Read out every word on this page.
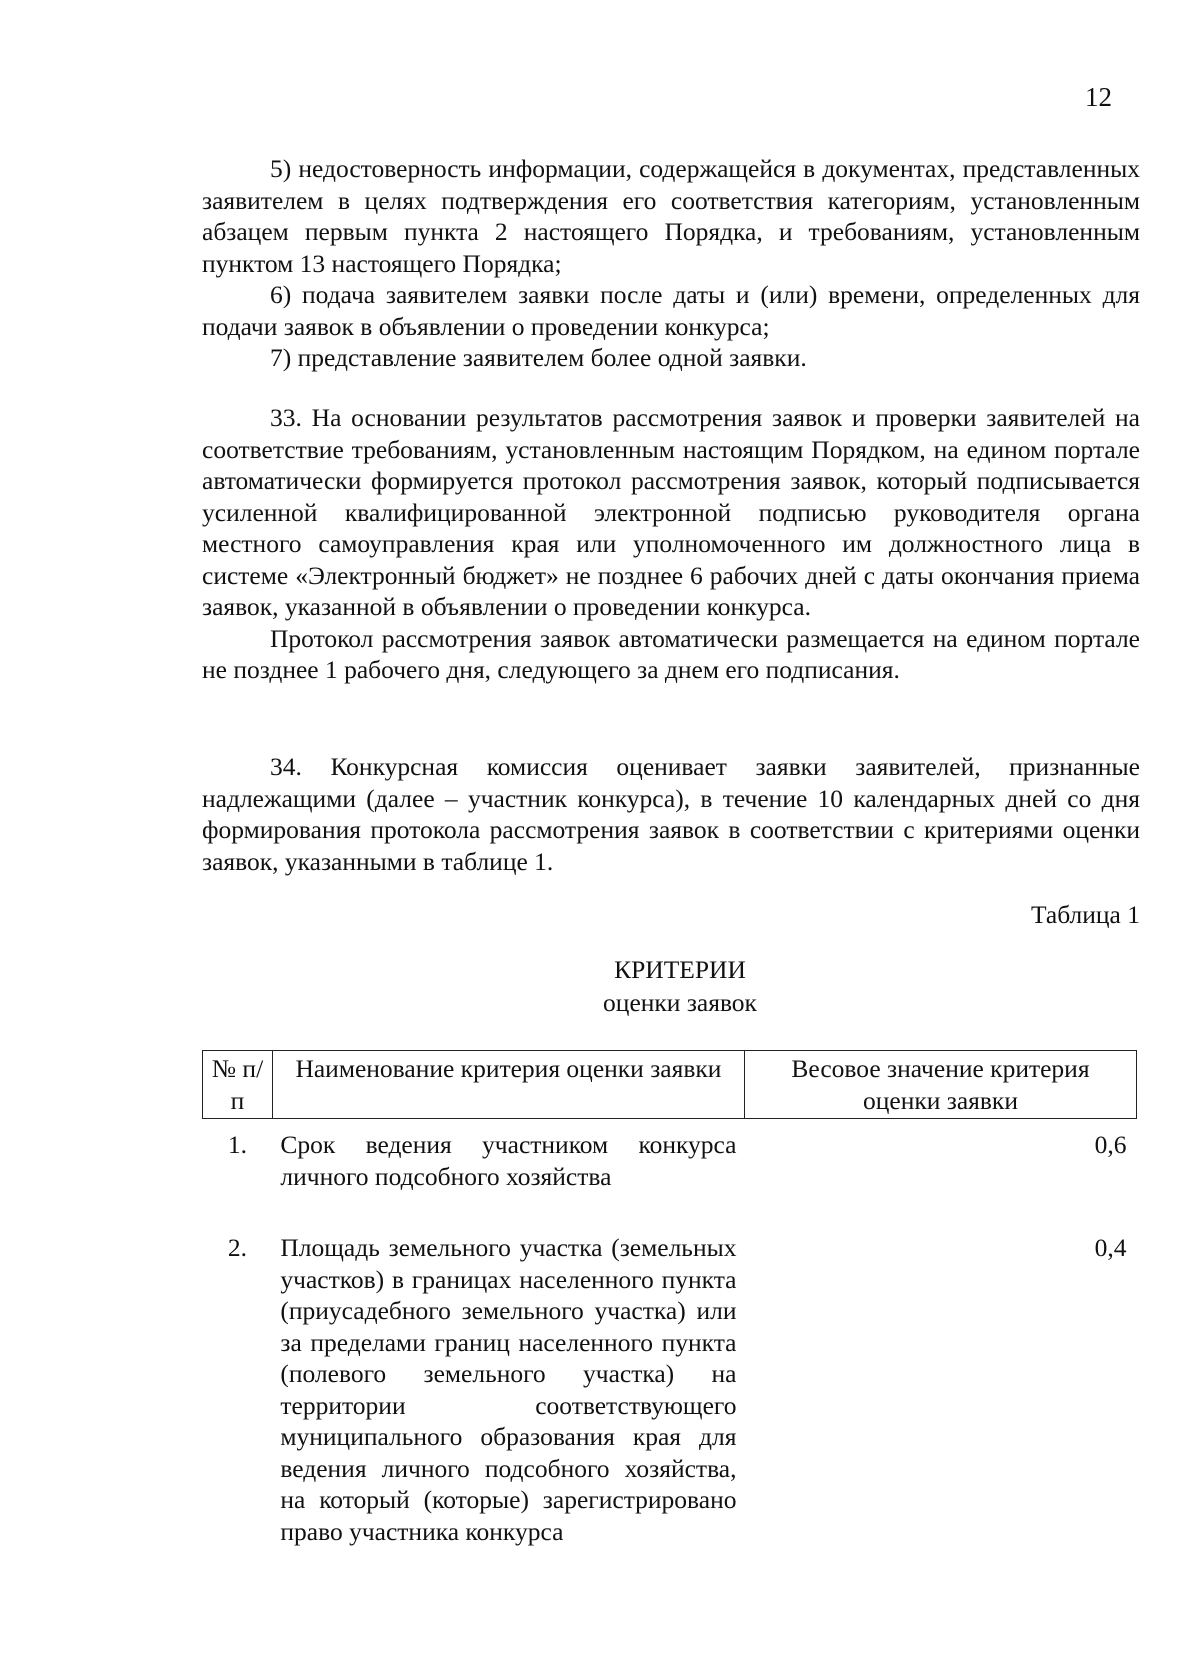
12

5) недостоверность информации, содержащейся в документах, представленных заявителем в целях подтверждения его соответствия категориям, установленным абзацем первым пункта 2 настоящего Порядка, и требованиям, установленным пунктом 13 настоящего Порядка;

6) подача заявителем заявки после даты и (или) времени, определенных для подачи заявок в объявлении о проведении конкурса;

7) представление заявителем более одной заявки.

33. На основании результатов рассмотрения заявок и проверки заявителей на соответствие требованиям, установленным настоящим Порядком, на едином портале автоматически формируется протокол рассмотрения заявок, который подписывается усиленной квалифицированной электронной подписью руководителя органа местного самоуправления края или уполномоченного им должностного лица в системе «Электронный бюджет» не позднее 6 рабочих дней с даты окончания приема заявок, указанной в объявлении о проведении конкурса.

Протокол рассмотрения заявок автоматически размещается на едином портале не позднее 1 рабочего дня, следующего за днем его подписания.

34. Конкурсная комиссия оценивает заявки заявителей, признанные надлежащими (далее – участник конкурса), в течение 10 календарных дней со дня формирования протокола рассмотрения заявок в соответствии с критериями оценки заявок, указанными в таблице 1.

Таблица 1
КРИТЕРИИ
оценки заявок
№ п/п	Наименование критерия оценки заявки	Весовое значение критерия оценки заявки
1.	Срок ведения участником конкурса личного подсобного хозяйства	0,6
2.	Площадь земельного участка (земельных участков) в границах населенного пункта (приусадебного земельного участка) или за пределами границ населенного пункта (полевого земельного участка) на территории соответствующего муниципального образования края для ведения личного подсобного хозяйства, на который (которые) зарегистрировано право участника конкурса	0,4
